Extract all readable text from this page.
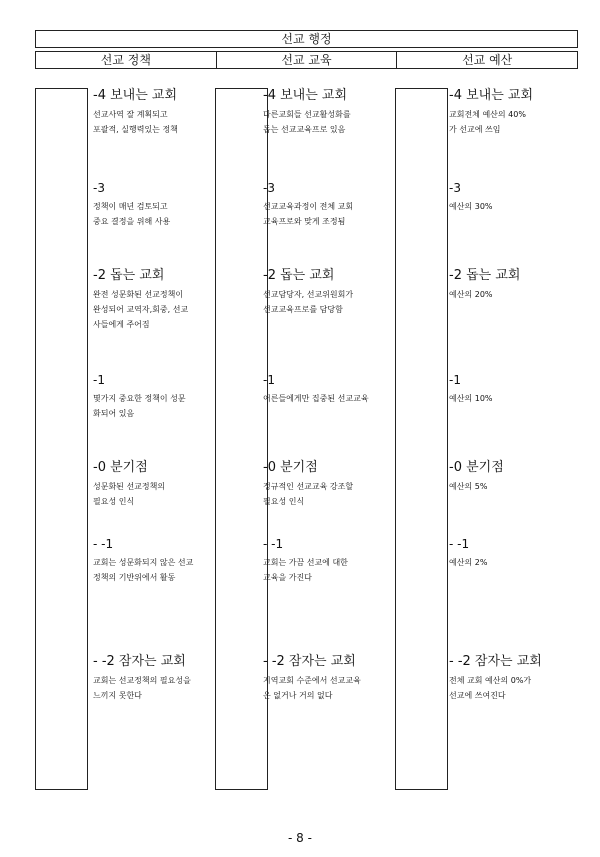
선교 행정
선교 정책	선교 교육	선교 예산
-4 보내는 교회
선교사역 잘 계획되고
포괄적, 실행력있는 정책
-3
정책이 매년 검토되고
중요 결정을 위해 사용
-2 돕는 교회
완전 성문화된 선교정책이
완성되어 교역자,회중, 선교
사들에게 주어짐
-1
몇가지 중요한 정책이 성문
화되어 있음
-0 분기점
성문화된 선교정책의
필요성 인식
- -1
교회는 성문화되지 않은 선교
정책의 기반위에서 활동
- -2 잠자는 교회
교회는 선교정책의 필요성을
느끼지 못한다
-4 보내는 교회
다른교회들 선교활성화를
돕는 선교교육프로 있음
-3
선교교육과정이 전체 교회
교육프로와 맞게 조정됨
-2 돕는 교회
선교담당자, 선교위원회가
선교교육프로를 담당함
-1
어른들에게만 집중된 선교교육
-0 분기점
정규적인 선교교육 강조할
필요성 인식
- -1
교회는 가끔 선교에 대한
교육을 가진다
- -2 잠자는 교회
지역교회 수준에서 선교교육
은 없거나 거의 없다
-4 보내는 교회
교회전체 예산의 40%
가 선교에 쓰임
-3
예산의 30%
-2 돕는 교회
예산의 20%
-1
예산의 10%
-0 분기점
예산의 5%
- -1
예산의 2%
- -2 잠자는 교회
전체 교회 예산의 0%가
선교에 쓰여진다
- 8 -
